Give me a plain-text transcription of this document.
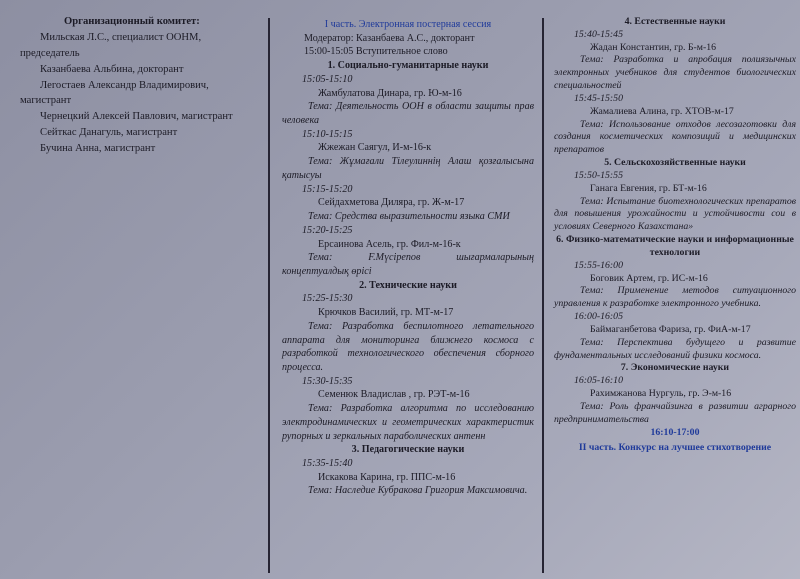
Организационный комитет:
Мильская Л.С., специалист ООНМ, председатель
Казанбаева Альбина, докторант
Легостаев Александр Владимирович, магистрант
Чернецкий Алексей Павлович, магистрант
Сейткас Данагуль, магистрант
Бучина Анна, магистрант
I часть. Электронная постерная сессия
Модератор: Казанбаева А.С., докторант
15:00-15:05 Вступительное слово
1. Социально-гуманитарные науки
15:05-15:10
Жамбулатова Динара, гр. Ю-м-16
Тема: Деятельность ООН в области защиты прав человека
15:10-15:15
Жжежан Саягул, И-м-16-к
Тема: Жұмағали Тілеулиннің Алаш қозғалысына қатысуы
15:15-15:20
Сейдахметова Диляра, гр. Ж-м-17
Тема: Средства выразительности языка СМИ
15:20-15:25
Ерсаинова Асель, гр. Фил-м-16-к
Тема: F.Мүсірепов шығармаларының концептуалдық өрісі
2. Технические науки
15:25-15:30
Крючков Василий, гр. МТ-м-17
Тема: Разработка беспилотного летательного аппарата для мониторинга ближнего космоса с разработкой технологического обеспечения сборного процесса.
15:30-15:35
Семенюк Владислав , гр. РЭТ-м-16
Тема: Разработка алгоритма по исследованию электродинамических и геометрических характеристик рупорных и зеркальных параболических антенн
3. Педагогические науки
15:35-15:40
Искакова Карина, гр. ППС-м-16
Тема: Наследие Кубракова Григория Максимовича.
4. Естественные науки
15:40-15:45
Жадан Константин, гр. Б-м-16
Тема: Разработка и апробация полиязычных электронных учебников для студентов биологических специальностей
15:45-15:50
Жамалиева Алина, гр. ХТОВ-м-17
Тема: Использование отходов лесозаготовки для создания косметических композиций и медицинских препаратов
5. Сельскохозяйственные науки
15:50-15:55
Ганага Евгения, гр. БТ-м-16
Тема: Испытание биотехнологических препаратов для повышения урожайности и устойчивости сои в условиях Северного Казахстана»
6. Физико-математические науки и информационные технологии
15:55-16:00
Боговик Артем, гр. ИС-м-16
Тема: Применение методов ситуационного управления к разработке электронного учебника.
16:00-16:05
Баймаганбетова Фариза, гр. ФиА-м-17
Тема: Перспектива будущего и развитие фундаментальных исследований физики космоса.
7. Экономические науки
16:05-16:10
Рахимжанова Нургуль, гр. Э-м-16
Тема: Роль франчайзинга в развитии аграрного предпринимательства
16:10-17:00
II часть. Конкурс на лучшее стихотворение
